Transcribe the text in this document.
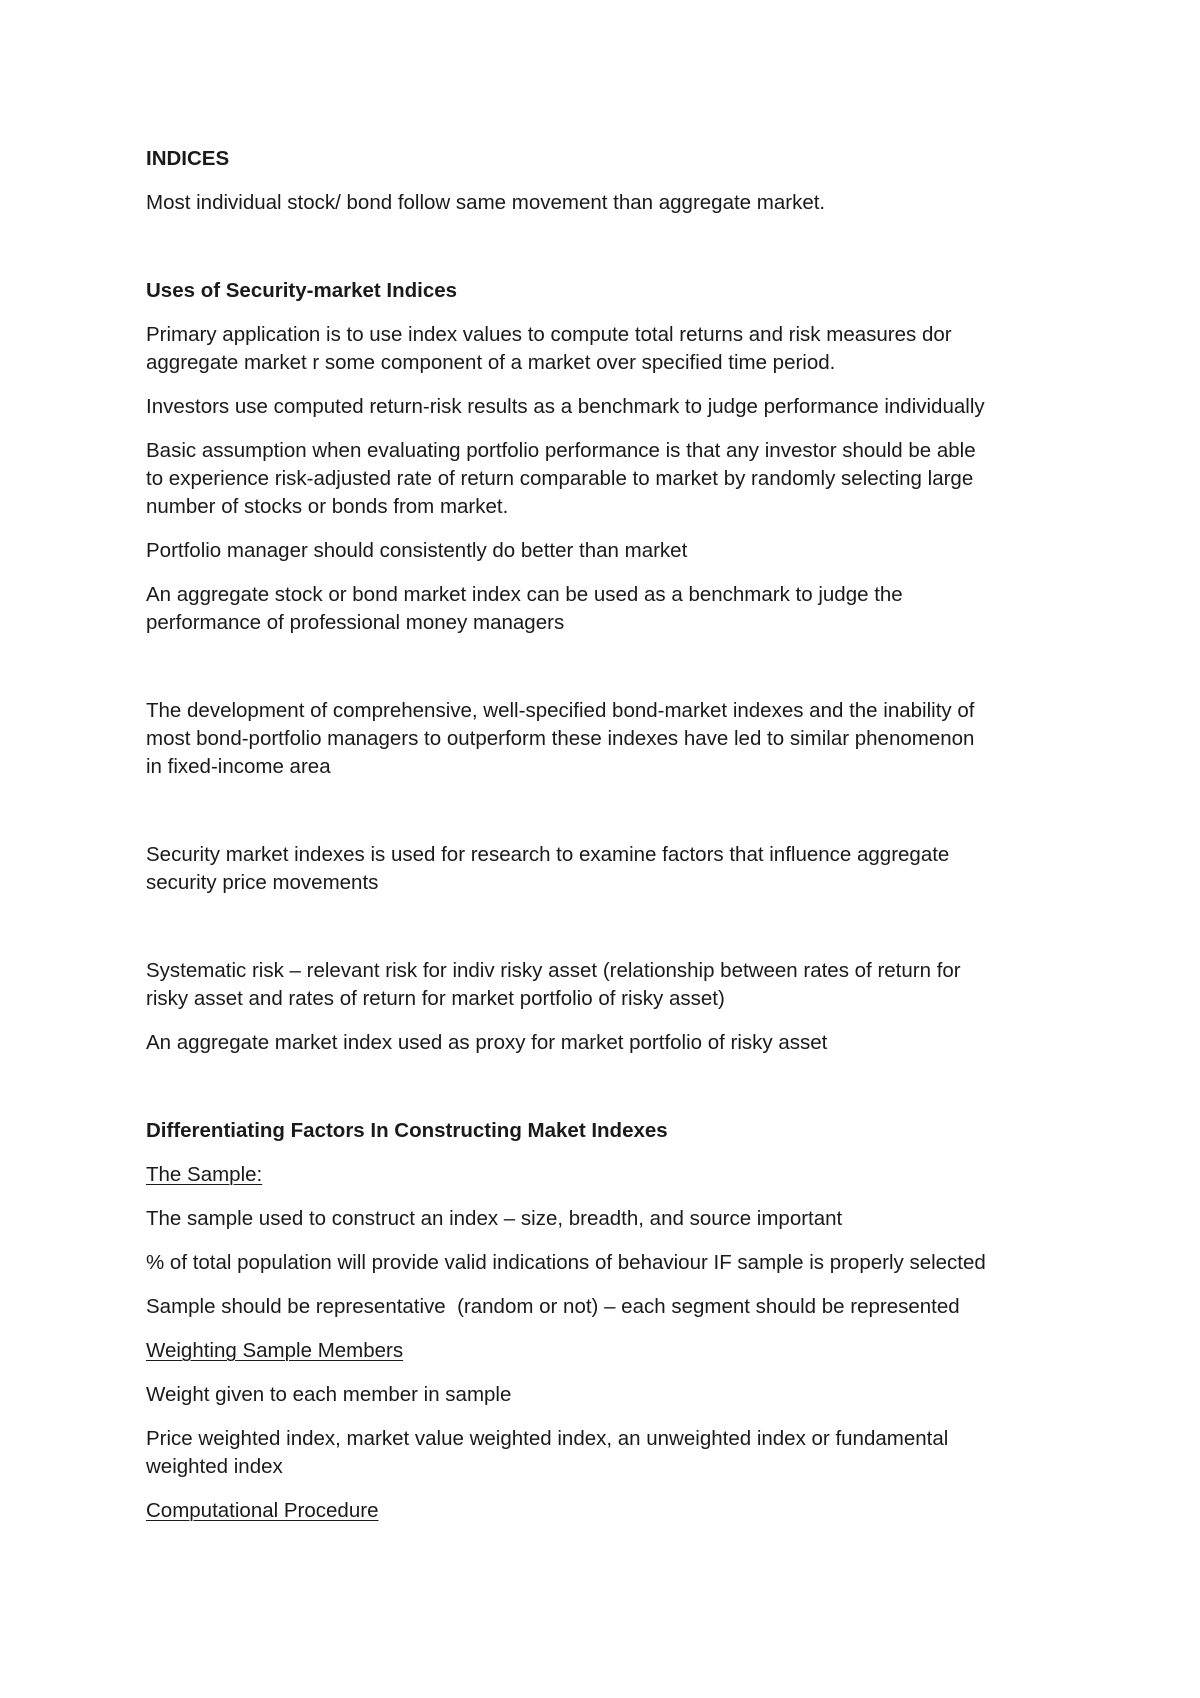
INDICES

Most individual stock/ bond follow same movement than aggregate market.

Uses of Security-market Indices

Primary application is to use index values to compute total returns and risk measures dor

aggregate market r some component of a market over specified time period.

Investors use computed return-risk results as a benchmark to judge performance individually

Basic assumption when evaluating portfolio performance is that any investor should be able

to experience risk-adjusted rate of return comparable to market by randomly selecting large

number of stocks or bonds from market.

Portfolio manager should consistently do better than market

An aggregate stock or bond market index can be used as a benchmark to judge the

performance of professional money managers

The development of comprehensive, well-specified bond-market indexes and the inability of

most bond-portfolio managers to outperform these indexes have led to similar phenomenon

in fixed-income area

Security market indexes is used for research to examine factors that influence aggregate

security price movements

Systematic risk – relevant risk for indiv risky asset (relationship between rates of return for

risky asset and rates of return for market portfolio of risky asset)

An aggregate market index used as proxy for market portfolio of risky asset

Differentiating Factors In Constructing Maket Indexes

The Sample:

The sample used to construct an index – size, breadth, and source important

% of total population will provide valid indications of behaviour IF sample is properly selected

Sample should be representative  (random or not) – each segment should be represented

Weighting Sample Members

Weight given to each member in sample

Price weighted index, market value weighted index, an unweighted index or fundamental

weighted index

Computational Procedure
